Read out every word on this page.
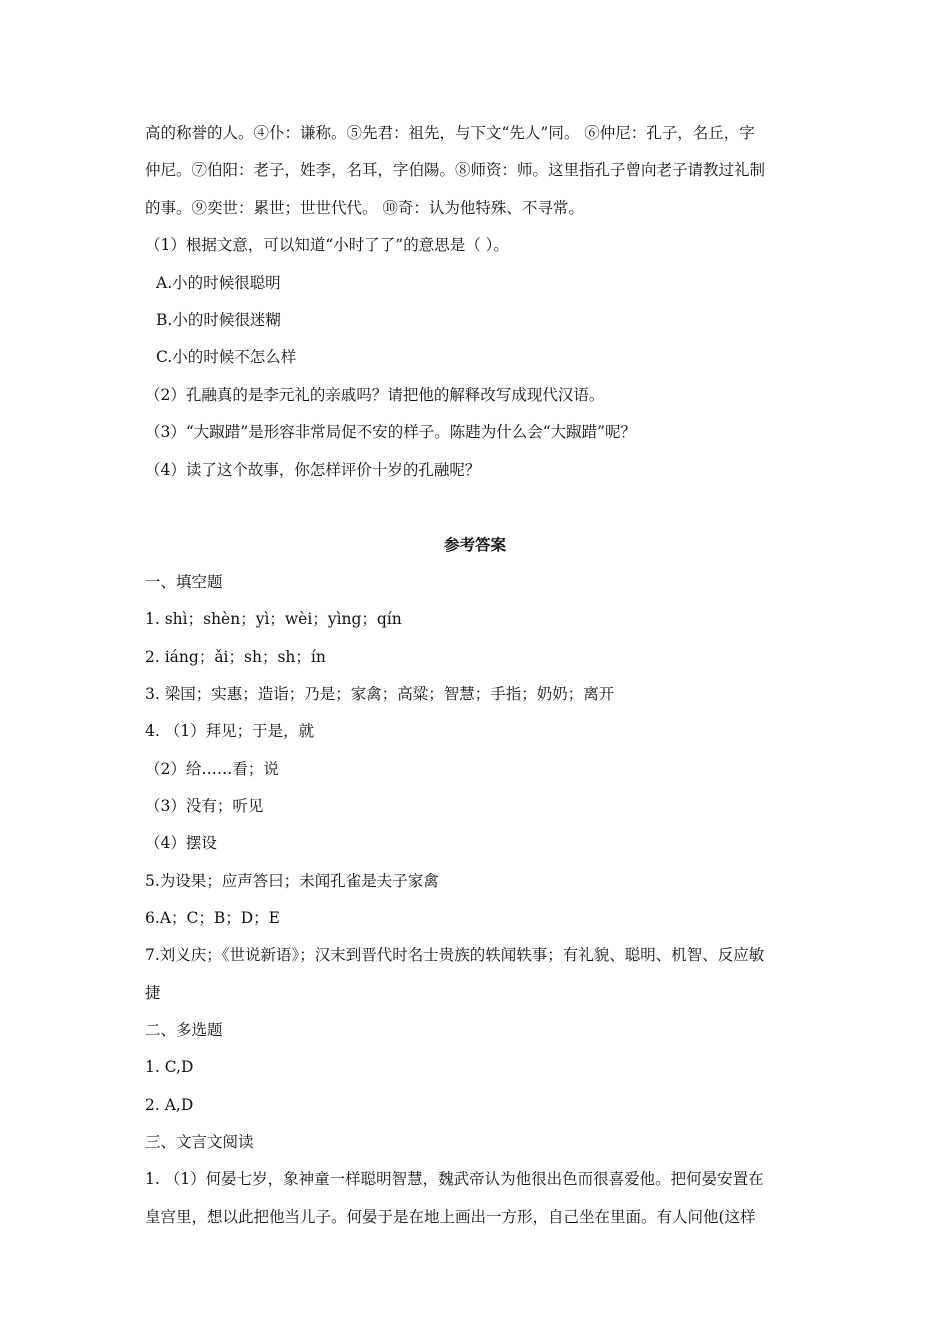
高的称誉的人。④仆：谦称。⑤先君：祖先，与下文“先人”同。 ⑥仲尼：孔子，名丘，字
仲尼。⑦伯阳：老子，姓李，名耳，字伯陽。⑧师资：师。这里指孔子曾向老子请教过礼制
的事。⑨奕世：累世；世世代代。 ⑩奇：认为他特殊、不寻常。
（1）根据文意，可以知道“小时了了”的意思是（ ）。
A.小的时候很聪明
B.小的时候很迷糊
C.小的时候不怎么样
（2）孔融真的是李元礼的亲戚吗？请把他的解释改写成现代汉语。
（3）“大踧踖”是形容非常局促不安的样子。陈韪为什么会“大踧踖”呢？
（4）读了这个故事，你怎样评价十岁的孔融呢？
参考答案
一、填空题
1. shì；shèn；yì；wèi；yìng；qín
2. iáng；ǎi；sh；sh；ín
3. 梁国；实惠；造诣；乃是；家禽；高粱；智慧；手指；奶奶；离开
4. （1）拜见；于是，就
（2）给……看；说
（3）没有；听见
（4）摆设
5.为设果；应声答曰；未闻孔雀是夫子家禽
6.A；C；B；D；E
7.刘义庆；《世说新语》；汉末到晋代时名士贵族的轶闻轶事；有礼貌、聪明、机智、反应敏
捷
二、多选题
1. C,D
2. A,D
三、文言文阅读
1. （1）何晏七岁，象神童一样聪明智慧，魏武帝认为他很出色而很喜爱他。把何晏安置在
皇宫里，想以此把他当儿子。何晏于是在地上画出一方形，自己坐在里面。有人问他(这样
